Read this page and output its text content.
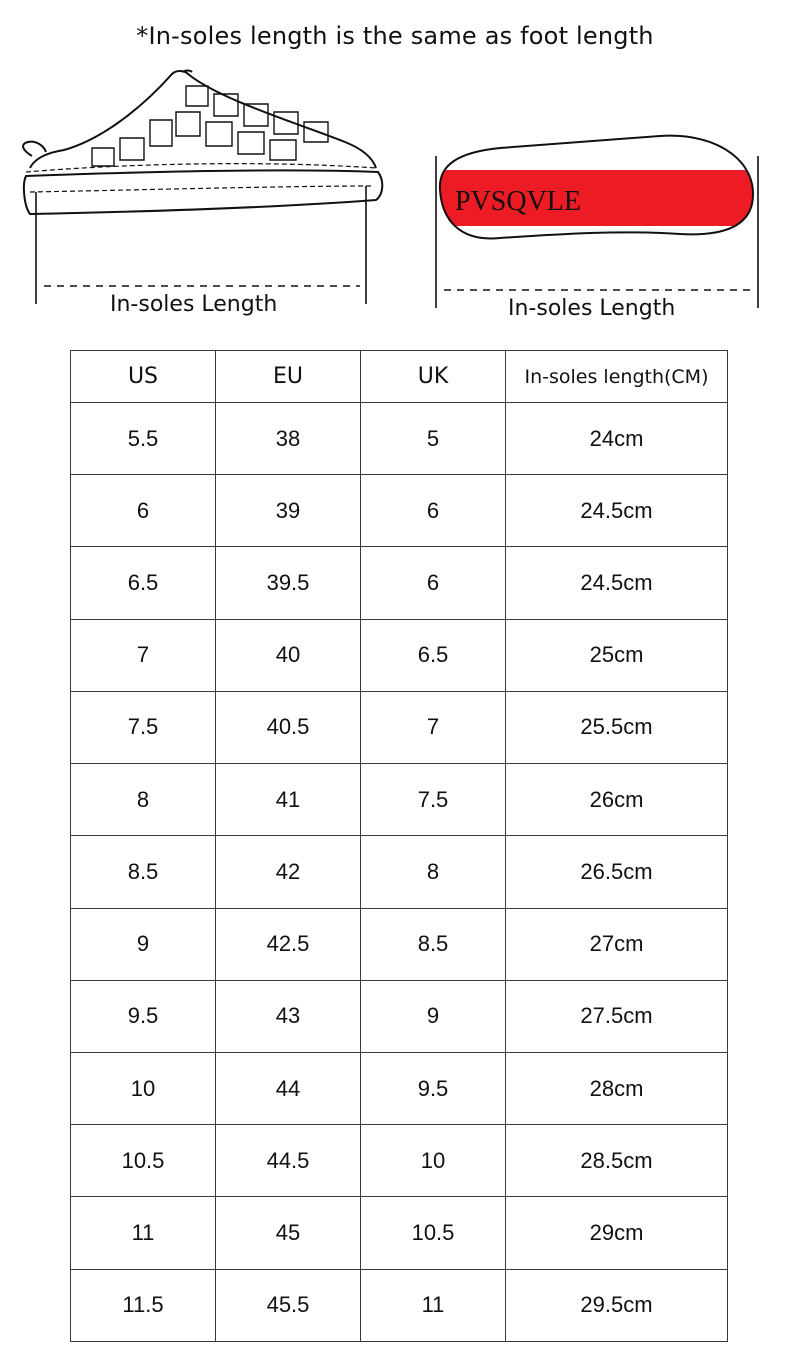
*In-soles length is the same as foot length
PVSQVLE
In-soles Length	In-soles Length
US	EU	UK	In-soles length(CM)
5.5	38	5	24cm
6	39	6	24.5cm
6.5	39.5	6	24.5cm
7	40	6.5	25cm
7.5	40.5	7	25.5cm
8	41	7.5	26cm
8.5	42	8	26.5cm
9	42.5	8.5	27cm
9.5	43	9	27.5cm
10	44	9.5	28cm
10.5	44.5	10	28.5cm
11	45	10.5	29cm
11.5	45.5	11	29.5cm
